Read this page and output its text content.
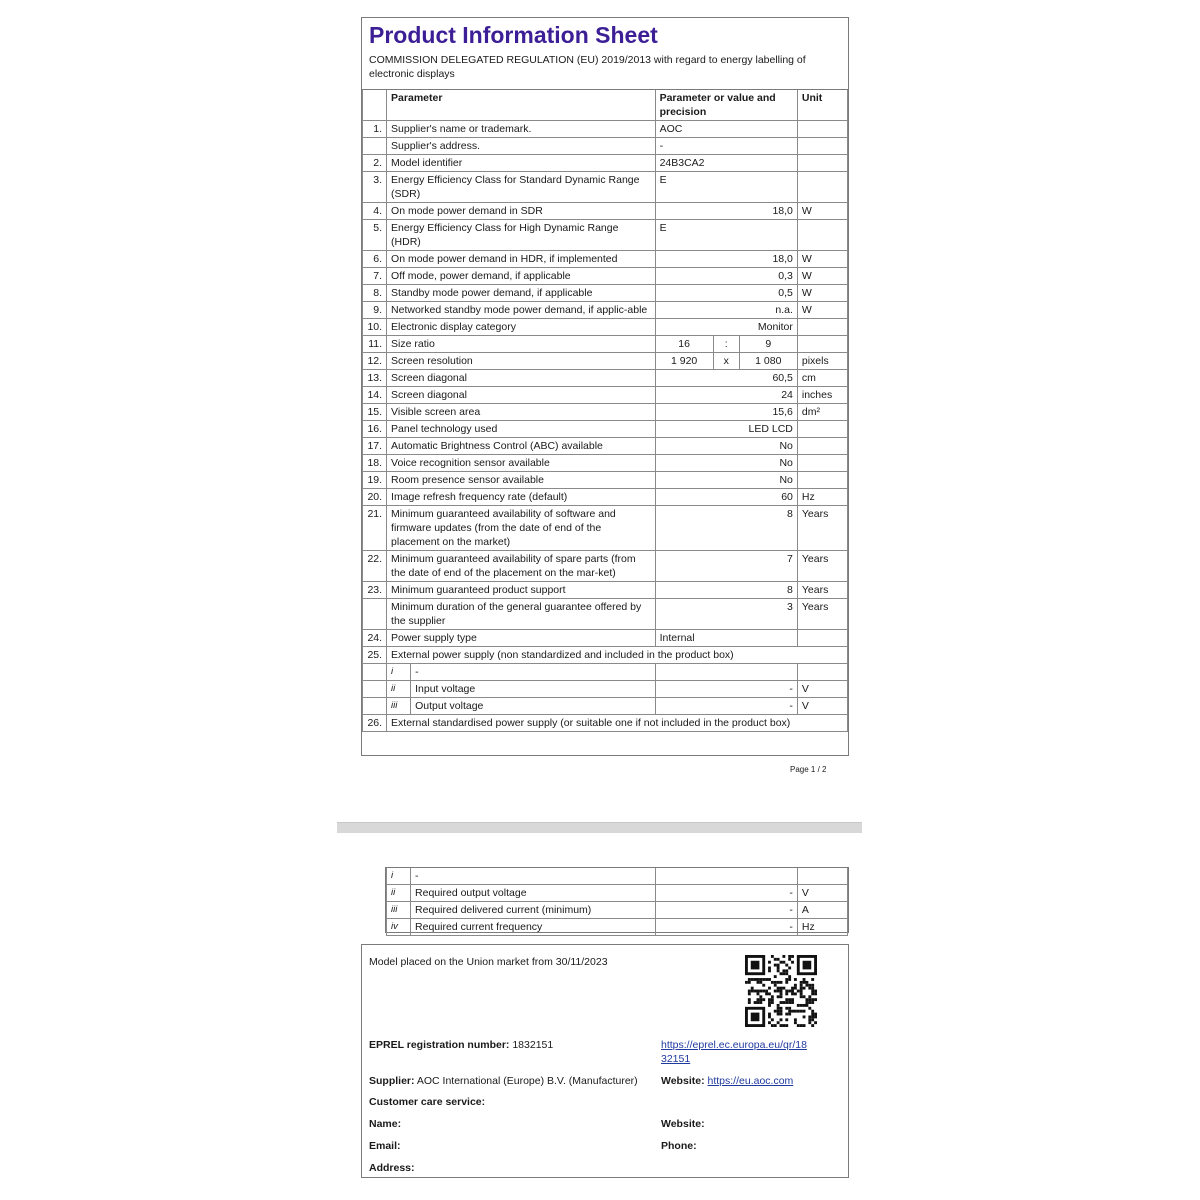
Product Information Sheet
COMMISSION DELEGATED REGULATION (EU) 2019/2013 with regard to energy labelling of electronic displays
	Parameter		Parameter or value and precision			Unit
1.	Supplier's name or trademark.		AOC			
	Supplier's address.		-			
2.	Model identifier		24B3CA2			
3.	Energy Efficiency Class for Standard Dynamic Range (SDR)		E			
4.	On mode power demand in SDR		18,0			W
5.	Energy Efficiency Class for High Dynamic Range (HDR)		E			
6.	On mode power demand in HDR, if implemented		18,0			W
7.	Off mode, power demand, if applicable		0,3			W
8.	Standby mode power demand, if applicable		0,5			W
9.	Networked standby mode power demand, if applic-able		n.a.			W
10.	Electronic display category		Monitor			
11.	Size ratio		16	:	9	
12.	Screen resolution		1 920	x	1 080	pixels
13.	Screen diagonal		60,5			cm
14.	Screen diagonal		24			inches
15.	Visible screen area		15,6			dm²
16.	Panel technology used		LED LCD			
17.	Automatic Brightness Control (ABC) available		No			
18.	Voice recognition sensor available		No			
19.	Room presence sensor available		No			
20.	Image refresh frequency rate (default)		60			Hz
21.	Minimum guaranteed availability of software and firmware updates (from the date of end of the placement on the market)		8			Years
22.	Minimum guaranteed availability of spare parts (from the date of end of the placement on the mar-ket)		7			Years
23.	Minimum guaranteed product support		8			Years
	Minimum duration of the general guarantee offered by the supplier		3			Years
24.	Power supply type		Internal			
25.	External power supply (non standardized and included in the product box)					
	i	-				
	ii	Input voltage	-			V
	iii	Output voltage	-			V
26.	External standardised power supply (or suitable one if not included in the product box)					
Page 1 / 2
i	-		
ii	Required output voltage	-	V
iii	Required delivered current (minimum)	-	A
iv	Required current frequency	-	Hz
Model placed on the Union market from 30/11/2023
EPREL registration number: 1832151	https://eprel.ec.europa.eu/qr/18
32151
Supplier: AOC International (Europe) B.V. (Manufacturer) Website: https://eu.aoc.com
Customer care service:
Name:	Website:
Email:	Phone:
Address:
